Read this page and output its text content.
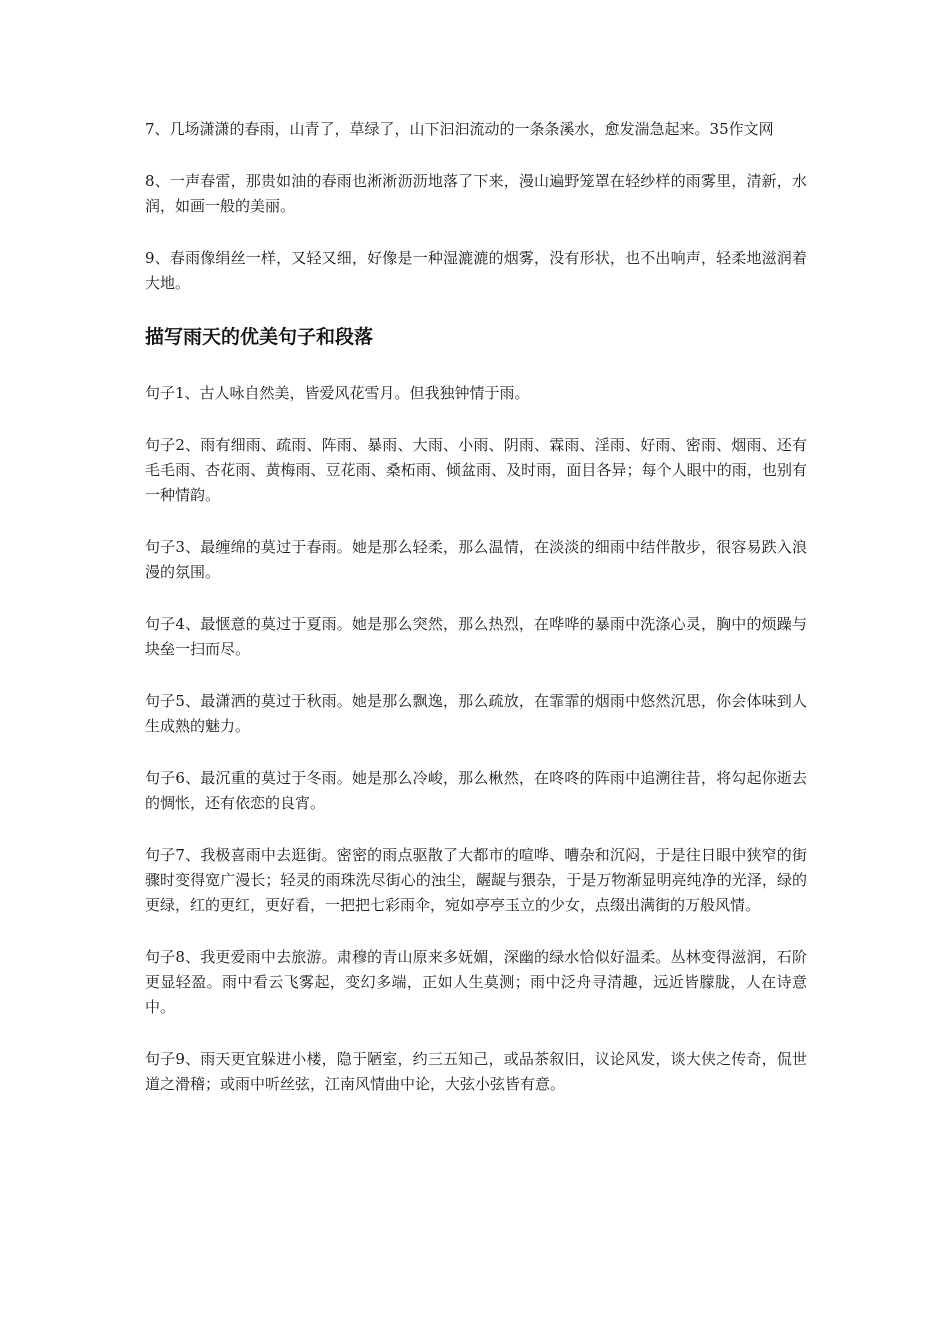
7、几场潇潇的春雨，山青了，草绿了，山下汩汩流动的一条条溪水，愈发湍急起来。35作文网

8、一声春雷，那贵如油的春雨也淅淅沥沥地落了下来，漫山遍野笼罩在轻纱样的雨雾里，清新，水润，如画一般的美丽。

9、春雨像绢丝一样，又轻又细，好像是一种湿漉漉的烟雾，没有形状，也不出响声，轻柔地滋润着大地。

描写雨天的优美句子和段落

句子1、古人咏自然美，皆爱风花雪月。但我独钟情于雨。

句子2、雨有细雨、疏雨、阵雨、暴雨、大雨、小雨、阴雨、霖雨、淫雨、好雨、密雨、烟雨、还有毛毛雨、杏花雨、黄梅雨、豆花雨、桑柘雨、倾盆雨、及时雨，面目各异；每个人眼中的雨，也别有一种情韵。

句子3、最缠绵的莫过于春雨。她是那么轻柔，那么温情，在淡淡的细雨中结伴散步，很容易跌入浪漫的氛围。

句子4、最惬意的莫过于夏雨。她是那么突然，那么热烈，在哗哗的暴雨中洗涤心灵，胸中的烦躁与块垒一扫而尽。

句子5、最潇洒的莫过于秋雨。她是那么飘逸，那么疏放，在霏霏的烟雨中悠然沉思，你会体味到人生成熟的魅力。

句子6、最沉重的莫过于冬雨。她是那么冷峻，那么楸然，在咚咚的阵雨中追溯往昔，将勾起你逝去的惆怅，还有依恋的良宵。

句子7、我极喜雨中去逛街。密密的雨点驱散了大都市的喧哗、嘈杂和沉闷，于是往日眼中狭窄的街骤时变得宽广漫长；轻灵的雨珠洗尽街心的浊尘，龌龊与猥杂，于是万物渐显明亮纯净的光泽，绿的更绿，红的更红，更好看，一把把七彩雨伞，宛如亭亭玉立的少女，点缀出满街的万般风情。

句子8、我更爱雨中去旅游。肃穆的青山原来多妩媚，深幽的绿水恰似好温柔。丛林变得滋润，石阶更显轻盈。雨中看云飞雾起，变幻多端，正如人生莫测；雨中泛舟寻清趣，远近皆朦胧，人在诗意中。

句子9、雨天更宜躲进小楼，隐于陋室，约三五知己，或品茶叙旧，议论风发，谈大侠之传奇，侃世道之滑稽；或雨中听丝弦，江南风情曲中论，大弦小弦皆有意。
